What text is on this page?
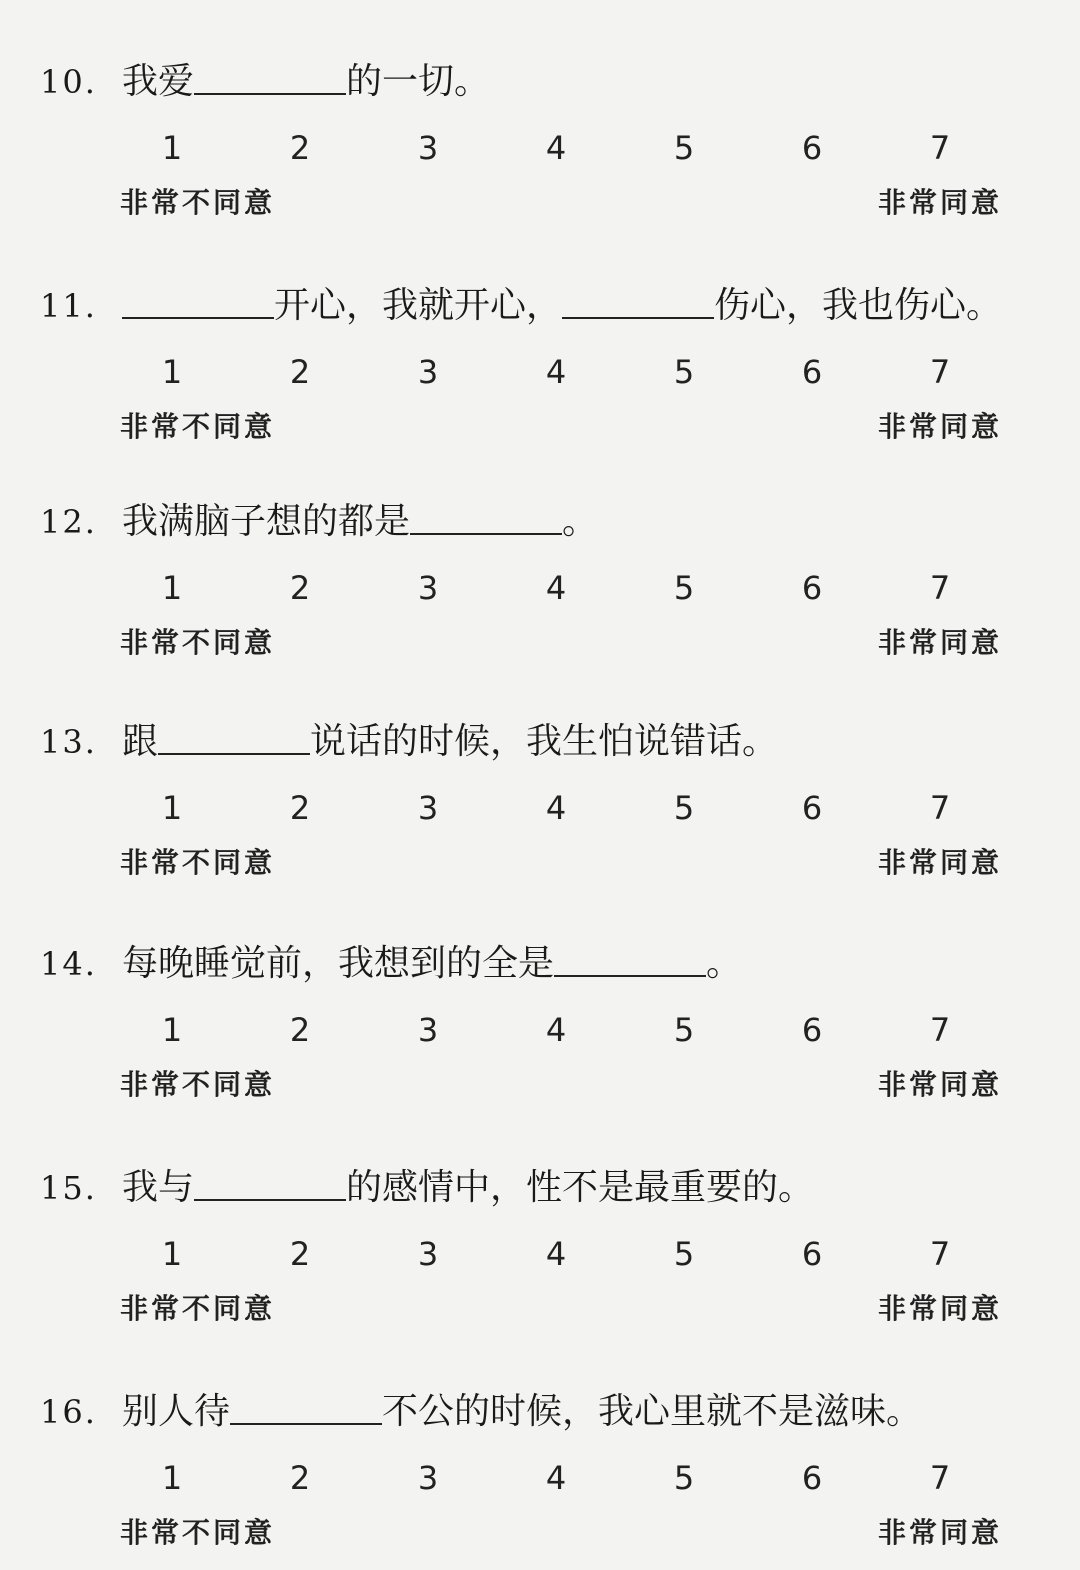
10. 我爱	的一切。
1	2	3	4	5	6	7
非常不同意	非常同意
11.	开心，我就开心，	伤心，我也伤心。
1	2	3	4	5	6	7
非常不同意	非常同意
12. 我满脑子想的都是	。
1	2	3	4	5	6	7
非常不同意	非常同意
13. 跟	说话的时候，我生怕说错话。
1	2	3	4	5	6	7
非常不同意	非常同意
14. 每晚睡觉前，我想到的全是	。
1	2	3	4	5	6	7
非常不同意	非常同意
15. 我与	的感情中，性不是最重要的。
1	2	3	4	5	6	7
非常不同意	非常同意
16. 别人待	不公的时候，我心里就不是滋味。
1	2	3	4	5	6	7
非常不同意	非常同意
